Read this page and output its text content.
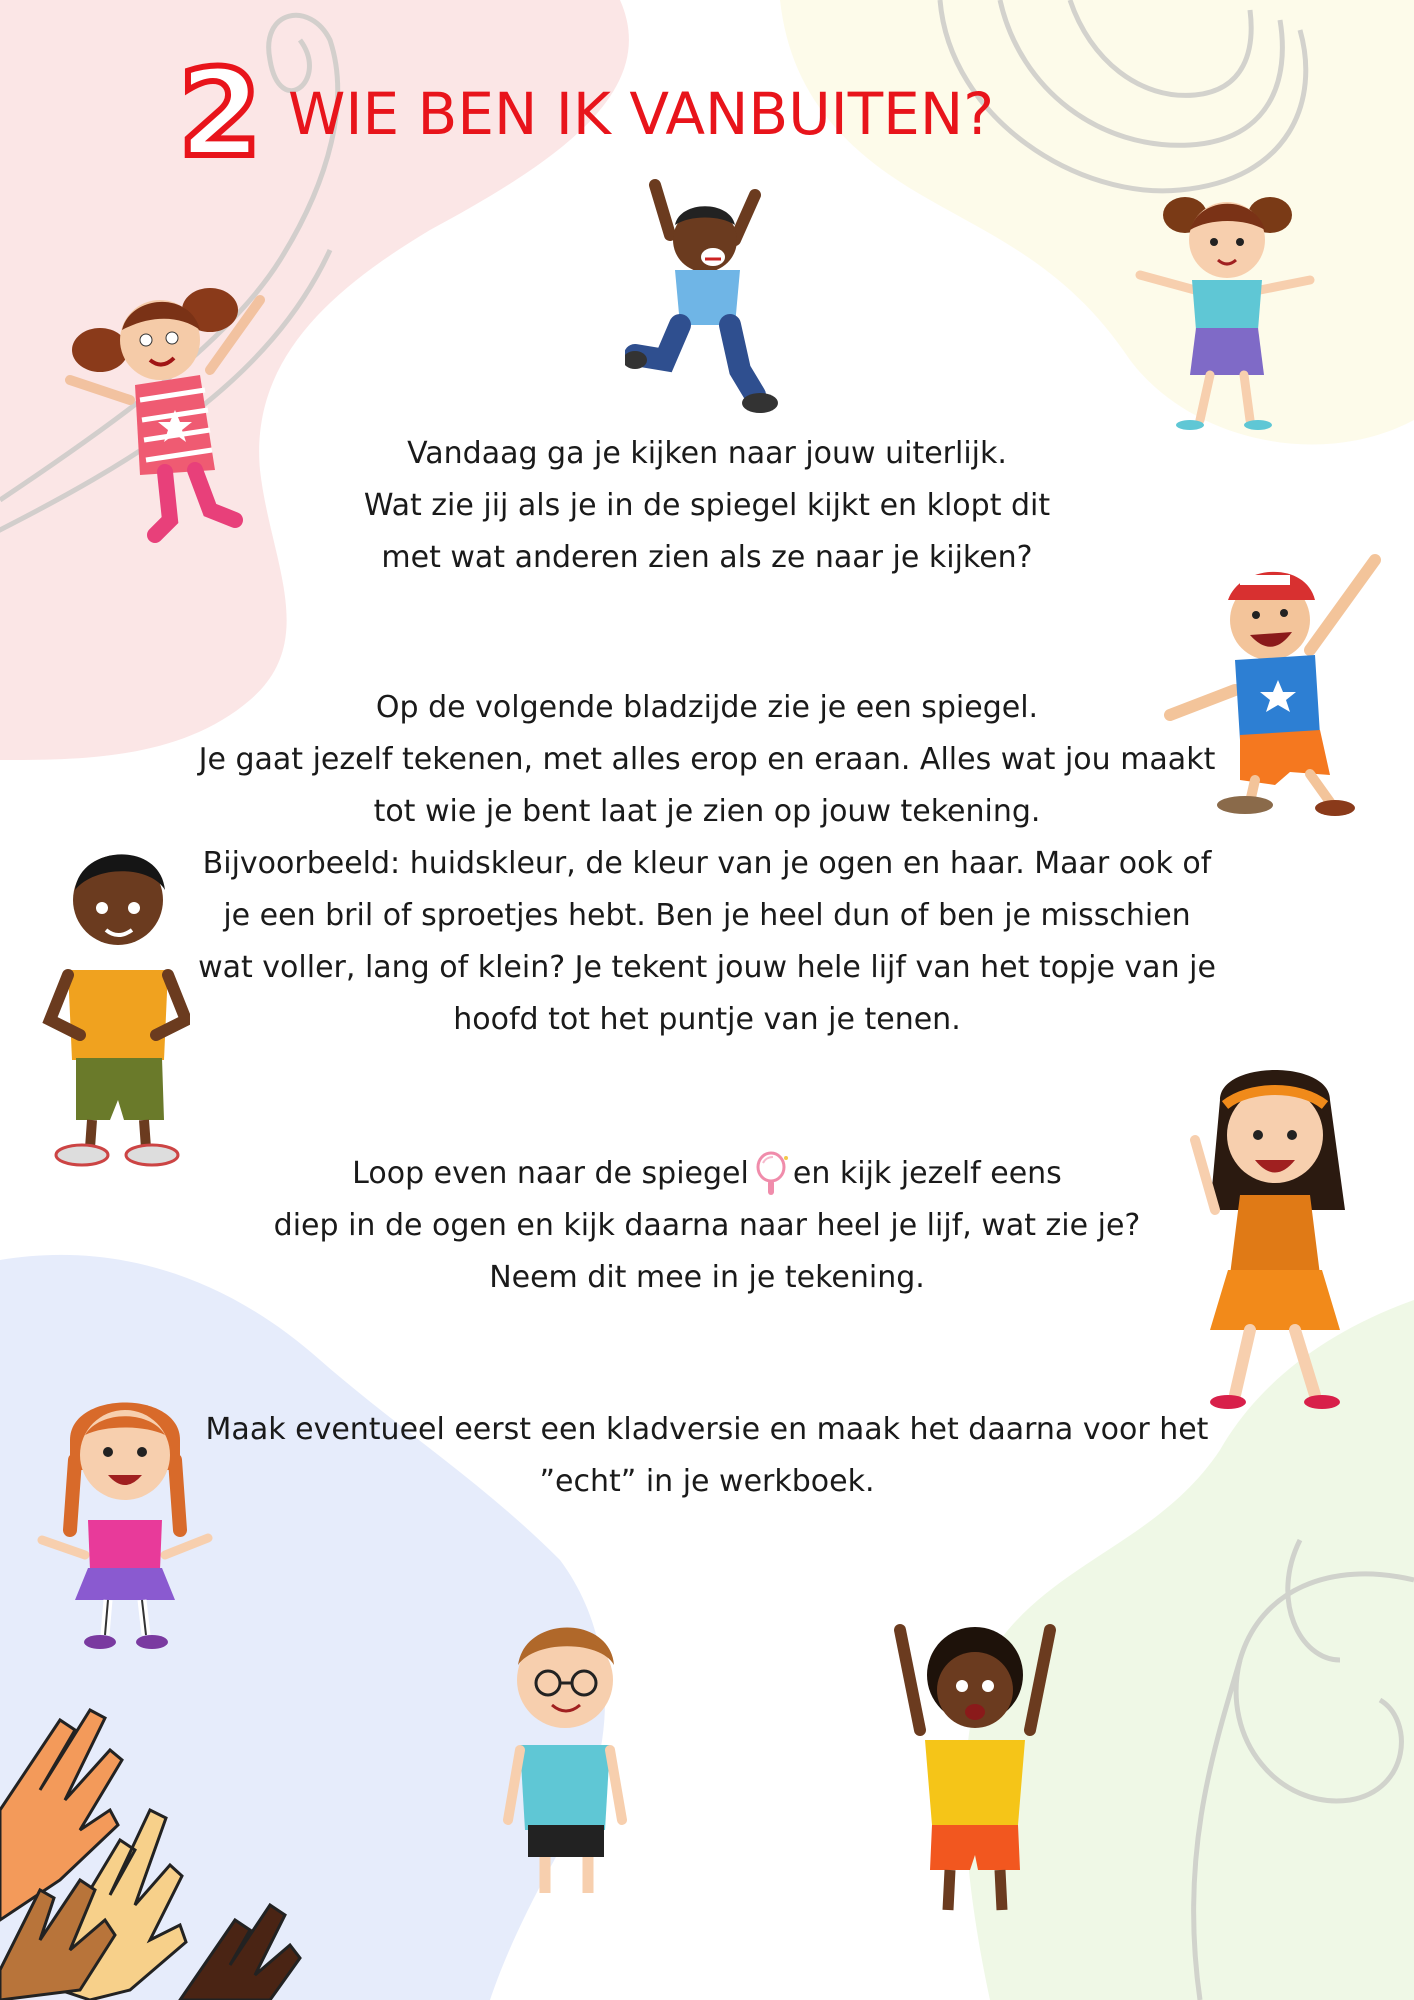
2 WIE BEN IK VANBUITEN?
Vandaag ga je kijken naar jouw uiterlijk.
Wat zie jij als je in de spiegel kijkt en klopt dit
met wat anderen zien als ze naar je kijken?
Op de volgende bladzijde zie je een spiegel.
Je gaat jezelf tekenen, met alles erop en eraan. Alles wat jou maakt
tot wie je bent laat je zien op jouw tekening.
Bijvoorbeeld: huidskleur, de kleur van je ogen en haar. Maar ook of
je een bril of sproetjes hebt. Ben je heel dun of ben je misschien
wat voller, lang of klein? Je tekent jouw hele lijf van het topje van je
hoofd tot het puntje van je tenen.
Loop even naar de spiegel en kijk jezelf eens
diep in de ogen en kijk daarna naar heel je lijf, wat zie je?
Neem dit mee in je tekening.
Maak eventueel eerst een kladversie en maak het daarna voor het
”echt” in je werkboek.
